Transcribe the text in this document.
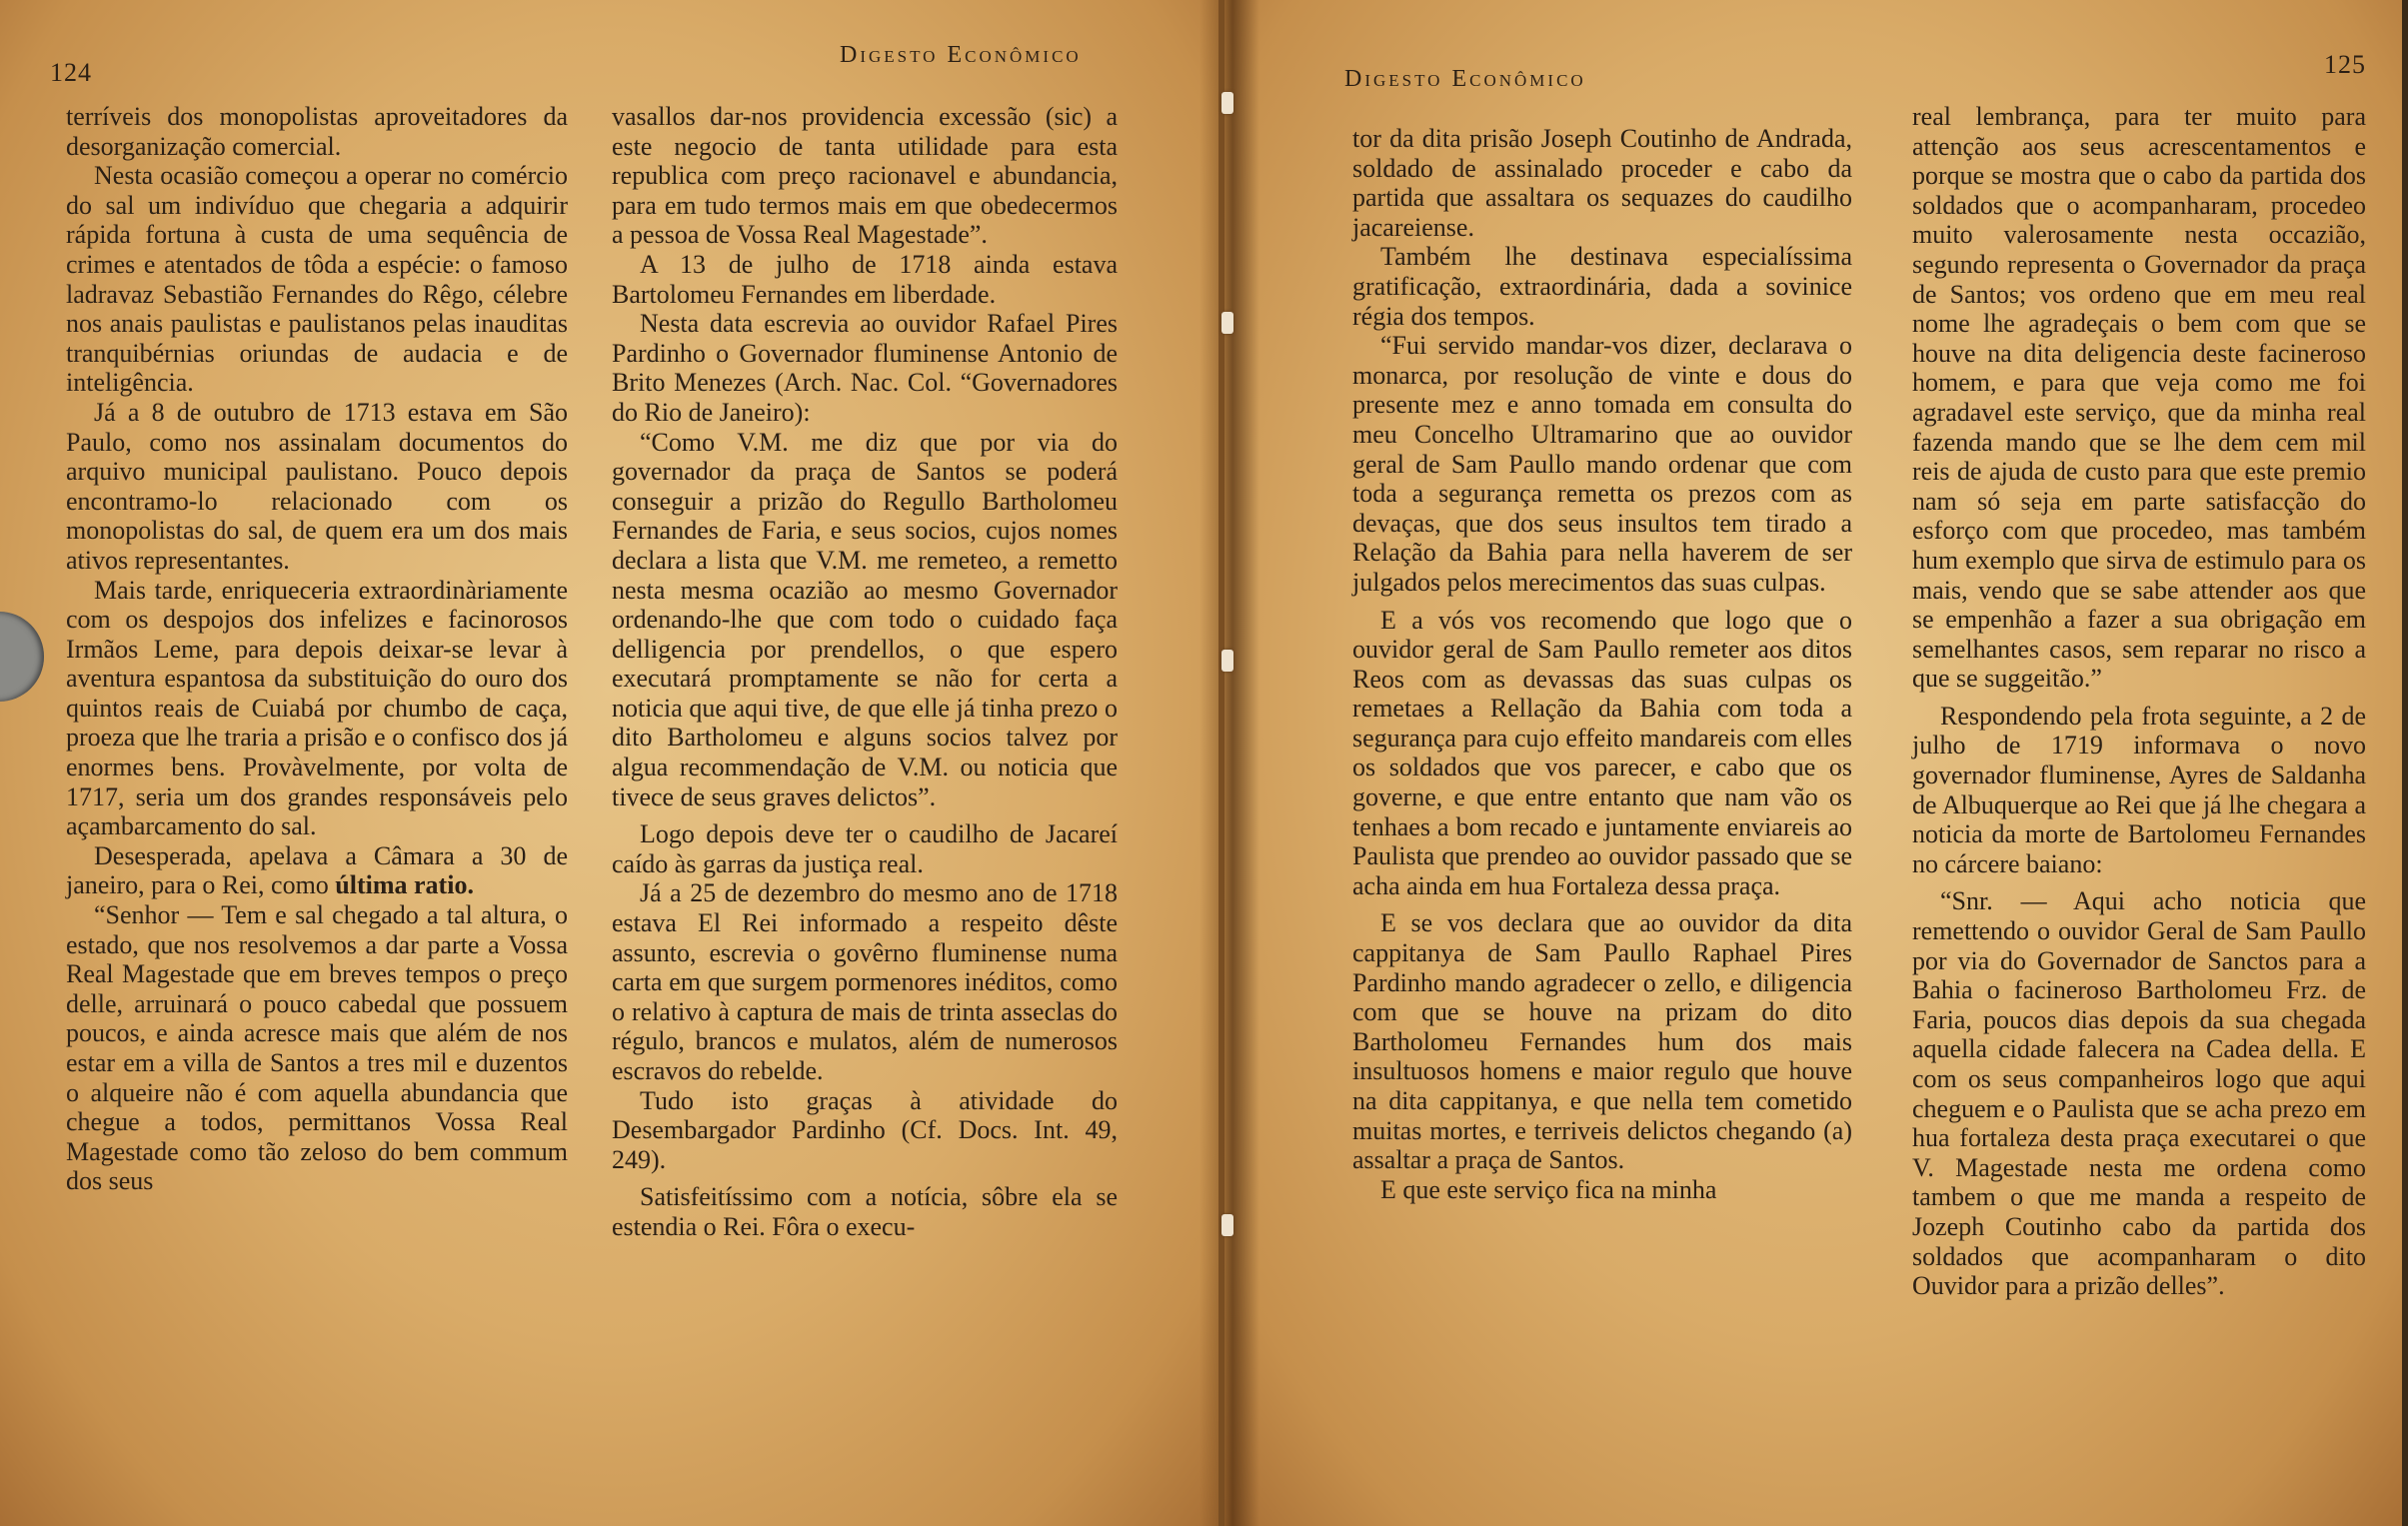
124
Digesto Econômico

terríveis dos monopolistas aproveitadores da desorganização comercial.

Nesta ocasião começou a operar no comércio do sal um indivíduo que chegaria a adquirir rápida fortuna à custa de uma sequência de crimes e atentados de tôda a espécie: o famoso ladravaz Sebastião Fernandes do Rêgo, célebre nos anais paulistas e paulistanos pelas inauditas tranquibérnias oriundas de audacia e de inteligência.

Já a 8 de outubro de 1713 estava em São Paulo, como nos assinalam documentos do arquivo municipal paulistano. Pouco depois encontramo-lo relacionado com os monopolistas do sal, de quem era um dos mais ativos representantes.

Mais tarde, enriqueceria extraordinàriamente com os despojos dos infelizes e facinorosos Irmãos Leme, para depois deixar-se levar à aventura espantosa da substituição do ouro dos quintos reais de Cuiabá por chumbo de caça, proeza que lhe traria a prisão e o confisco dos já enormes bens. Provàvelmente, por volta de 1717, seria um dos grandes responsáveis pelo açambarcamento do sal.

Desesperada, apelava a Câmara a 30 de janeiro, para o Rei, como última ratio.

“Senhor — Tem e sal chegado a tal altura, o estado, que nos resolvemos a dar parte a Vossa Real Magestade que em breves tempos o preço delle, arruinará o pouco cabedal que possuem poucos, e ainda acresce mais que além de nos estar em a villa de Santos a tres mil e duzentos o alqueire não é com aquella abundancia que chegue a todos, permittanos Vossa Real Magestade como tão zeloso do bem commum dos seus

vasallos dar-nos providencia excessão (sic) a este negocio de tanta utilidade para esta republica com preço racionavel e abundancia, para em tudo termos mais em que obedecermos a pessoa de Vossa Real Magestade”.

A 13 de julho de 1718 ainda estava Bartolomeu Fernandes em liberdade.

Nesta data escrevia ao ouvidor Rafael Pires Pardinho o Governador fluminense Antonio de Brito Menezes (Arch. Nac. Col. “Governadores do Rio de Janeiro):

“Como V.M. me diz que por via do governador da praça de Santos se poderá conseguir a prizão do Regullo Bartholomeu Fernandes de Faria, e seus socios, cujos nomes declara a lista que V.M. me remeteo, a remetto nesta mesma ocazião ao mesmo Governador ordenando-lhe que com todo o cuidado faça delligencia por prendellos, o que espero executará promptamente se não for certa a noticia que aqui tive, de que elle já tinha prezo o dito Bartholomeu e alguns socios talvez por algua recommendação de V.M. ou noticia que tivece de seus graves delictos”.

Logo depois deve ter o caudilho de Jacareí caído às garras da justiça real.

Já a 25 de dezembro do mesmo ano de 1718 estava El Rei informado a respeito dêste assunto, escrevia o govêrno fluminense numa carta em que surgem pormenores inéditos, como o relativo à captura de mais de trinta asseclas do régulo, brancos e mulatos, além de numerosos escravos do rebelde.

Tudo isto graças à atividade do Desembargador Pardinho (Cf. Docs. Int. 49, 249).

Satisfeitíssimo com a notícia, sôbre ela se estendia o Rei. Fôra o execu-

125
Digesto Econômico

tor da dita prisão Joseph Coutinho de Andrada, soldado de assinalado proceder e cabo da partida que assaltara os sequazes do caudilho jacareiense.

Também lhe destinava especialíssima gratificação, extraordinária, dada a sovinice régia dos tempos.

“Fui servido mandar-vos dizer, declarava o monarca, por resolução de vinte e dous do presente mez e anno tomada em consulta do meu Concelho Ultramarino que ao ouvidor geral de Sam Paullo mando ordenar que com toda a segurança remetta os prezos com as devaças, que dos seus insultos tem tirado a Relação da Bahia para nella haverem de ser julgados pelos merecimentos das suas culpas.

E a vós vos recomendo que logo que o ouvidor geral de Sam Paullo remeter aos ditos Reos com as devassas das suas culpas os remetaes a Rellação da Bahia com toda a segurança para cujo effeito mandareis com elles os soldados que vos parecer, e cabo que os governe, e que entre entanto que nam vão os tenhaes a bom recado e juntamente enviareis ao Paulista que prendeo ao ouvidor passado que se acha ainda em hua Fortaleza dessa praça.

E se vos declara que ao ouvidor da dita cappitanya de Sam Paullo Raphael Pires Pardinho mando agradecer o zello, e diligencia com que se houve na prizam do dito Bartholomeu Fernandes hum dos mais insultuosos homens e maior regulo que houve na dita cappitanya, e que nella tem cometido muitas mortes, e terriveis delictos chegando (a) assaltar a praça de Santos.

E que este serviço fica na minha

real lembrança, para ter muito para attenção aos seus acrescentamentos e porque se mostra que o cabo da partida dos soldados que o acompanharam, procedeo muito valerosamente nesta occazião, segundo representa o Governador da praça de Santos; vos ordeno que em meu real nome lhe agradeçais o bem com que se houve na dita deligencia deste facineroso homem, e para que veja como me foi agradavel este serviço, que da minha real fazenda mando que se lhe dem cem mil reis de ajuda de custo para que este premio nam só seja em parte satisfacção do esforço com que procedeo, mas também hum exemplo que sirva de estimulo para os mais, vendo que se sabe attender aos que se empenhão a fazer a sua obrigação em semelhantes casos, sem reparar no risco a que se suggeitão.”

Respondendo pela frota seguinte, a 2 de julho de 1719 informava o novo governador fluminense, Ayres de Saldanha de Albuquerque ao Rei que já lhe chegara a noticia da morte de Bartolomeu Fernandes no cárcere baiano:

“Snr. — Aqui acho noticia que remettendo o ouvidor Geral de Sam Paullo por via do Governador de Sanctos para a Bahia o facineroso Bartholomeu Frz. de Faria, poucos dias depois da sua chegada aquella cidade falecera na Cadea della. E com os seus companheiros logo que aqui cheguem e o Paulista que se acha prezo em hua fortaleza desta praça executarei o que V. Magestade nesta me ordena como tambem o que me manda a respeito de Jozeph Coutinho cabo da partida dos soldados que acompanharam o dito Ouvidor para a prizão delles”.
